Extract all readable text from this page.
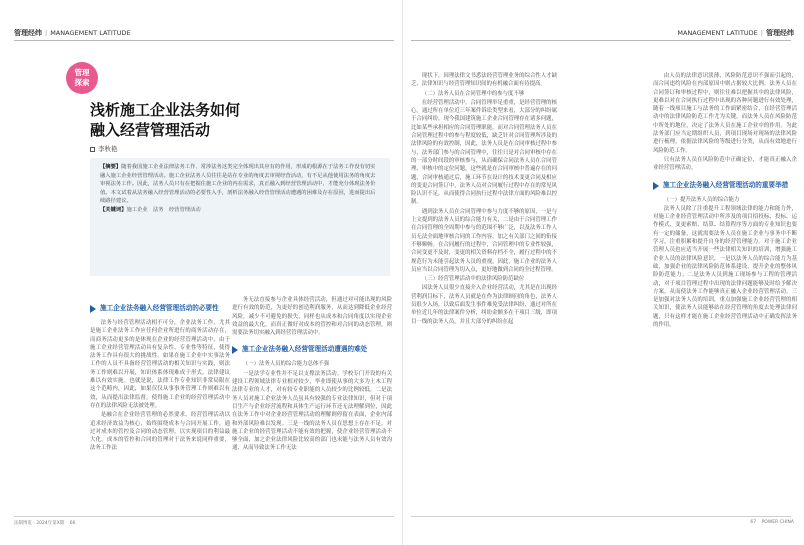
管理经纬 | MANAGEMENT LATITUDE
管理
探索
浅析施工企业法务如何
融入经营管理活动
李秋艳
【摘要】随着我国施工企业法律法务工作、常涉法务这类完全体现出其应有的作用，形成的根源在于法务工作没有切实融入施工企业经营管理活动。施工企业法务人员往往是站在专业的角度去审视经营活动，有不足从他使用法务的角度去审视法务工作。因此，法务人员只有在把握住施工企业的内在需求，真正融入到经营管理活动中，才能充分体现法务价值。本文试着从法务融入经营管理活动的必要性入手，剖析法务融入经营管理活动遭遇的困难及存在原因，进而提出后续路径建议。
【关键词】施工企业　法务　经营管理活动
施工企业法务融入经营管理活动的必要性

法务与经营管理活动相不可分，企业法务工作，尤其是施工企业法务工作应任何企业所进行的商务活动存在，而商务活动更多的是体现在企业的经营管理活动中，由于施工企业经营管理活动具有复杂性、专业性等特征，使得法务工作具有很大的挑战性。如果在施工企业中实事法务工作的人员不具备经营管理活动的相关知识与实践，则法务工作则难以开展，知识体系体现难成于形式，法律建议难以有效实施。也就是说，法律工作专业知识非常局限在这个范畴内，因此，如果仅仅从事事务管理工作则难以有效，从而提出法律监督，使得施工企业的经营管理活动中存在的法律风险无法被处理。

是融合在企业经营管理的必然要求。经营管理活动以追求经济效益为核心，始终围绕成本与合同开展工作，通过对成本的管控及合同的动态管理，以实现项目的利益最大化。成本的管控和合同的管理对于法务来说同样重要，法务工作法

务无法直接参与企业具体经营活动，但通过对可能出现的风险进行有效的防范，为更好的创造利润服务，从而达到降低企业经营风险，减少不可避免的损失，同样也从成本和合同角度以实现企业效益的最大化，而真正做好对成本的管控和对合同的动态管理，则需要法务切实融入到经营管理活动中。

施工企业法务融入经营管理活动遭遇的难处

（一）法务人员的综合能力总体不强

一是法学专业性并不足以支撑法务活动。学校专门开设的有关建设工程领域法律专业相对较少，毕业即使从事的大多为土木工程法律专业的人才，对有较专业职能的人员较少的比例较低。二是法务人员对施工企业法务人员虽具有较强的专业法律知识，但对于项目生产与企业经营流程和具体生产运行环节还无法理解到位，因此在法务工作中对企业经营管理活动的理解则停留在表面，企业内部和外部风险难以发现。三是一线的法务人员在思想上存在不足，对施工企业的经营管理活动不能有效的把握，使企业经营管理活动不够全面，加之企业法律风险比较高的部门也未能与法务人员有效沟通，从而导致法务工作无法

法制博览 · 2024年第X期 66
MANAGEMENT LATITUDE | 管理经纬

现状下，因理法律文书悉法经营管理业务的综合性人才缺乏，法律知识与经营管理知识间的有机融合面有待提高。

（二）法务人员在合同管理中的参与度不够

在经营管理活动中，合同管理举足重重，是经营管理的核心。通过所在单位近三年案件诉讼类型来看，大部分的纠纷属于合同纠纷。现今我国建筑施工企业合同管理存在诸多问题，比如某些承担相应的合同管理职能，而对合同管理法务人员在合同管理过程中的参与程度较低，缺乏针对合同管理所涉及的法律风险的有效控制，因此，法务人员是在合同审核过程中参与，法务部门参与的合同管理中，往往只是对合同审核中存在的一部分时间段的审核参与，从而确保合同法务人员在合同管理、审核中的定位问题，这些就是在合同审核中普遍存在的问题，合同审核通过后，施工环节在设计的技术变更合同及相应的变更合同签订中，法务人员对合同履行过程中存在的常见风险认识不足，从而使得合同执行过程中法律方面的风险难以控制。

遇到法务人员在合同管理中参与力度不够的原因，一是与上文提到的法务人员的综合能力有关，二是由于合同管理工作在合同管理的全周期中参与的范围不够广泛，以及法务工作人员无法全面地审核合同的工作内容，加之有关部门之间的衔接不够顺畅。在合同履行的过程中，合同管理中的专业性较强，合同变更不及时，变更的相关资料存档不全，履行过程中的不规范行为未能引起法务人员的重视，因此，施工企业的法务人员应当以合同管理为切入点，更好地做到合同的全过程管理。

（三）经营管理活动中的法律风险防范缺位

因法务人员很少直接介入企业经营活动，尤其是在出现经营利润目标下，法务人员就是在作为法律顾问的角色，法务人员很少入场，以致后面发生事件难免受法律纠纷，通过对所在单位近几年的法律案件分析，纠纷金额多在于项目三级，即项目一线的法务人员，并且大部分的纠纷在起

由人员的法律意识淡薄、风险防范意识不强而引起的，而合同违约风险在内部原因中则占据较大比例。法务人员在合同签订和审核过程中，则往往难以把握其中的法律风险，更难以对在合同执行过程中出现的各种问题进行有效处理，随着一线项目施工与法务的工作面紧密结合，在经营管理活动中的法律风险防范工作尤为关键，而法务人员在风险防范中所处的地位，决定了法务人员在施工企业中的作用。为此法务部门应当定期组织人员，到项目现场对现场的法律风险进行梳理，依据法律风险的等级进行分类，从而有效地进行风险防范工作。

只有法务人员在风险防范中正确定位，才能真正融入企业经营管理活动。

施工企业法务融入经营管理活动的重要举措

（一）提升法务人员的综合能力

法务人员除了注重提升工程领域法律的能力和能力外，对施工企业经营管理活动中所涉及的项目招投标、投标、运作模式、变更索赔、结算、结算程序等方面的专业知识也要有一定的储备，这就需要法务人员在施工企业与事务中不断学习，注重积累和提升自身的经营管理能力。对于施工企业管理人员也应适当开展一些法律相关知识的培训，增强施工企业人员的法律风险意识，一是以法务人员的综合能力为基础，加强企业的法律风险防范体系建设，提升企业的整体风险防范能力；二是法务人员到施工现场参与工程的管理活动，对于项目管理过程中出现的法律问题能够及时给予解决方案，从而使法务工作能够真正融入企业经营管理活动。三是加强对法务人员的培训，重点加强施工企业经营管理的相关知识，使法务人员能够站在经营管理的角度去处理法律问题，只有这样才能在施工企业经营管理活动中正确发挥法务的作用。

67 POWER CHINA
